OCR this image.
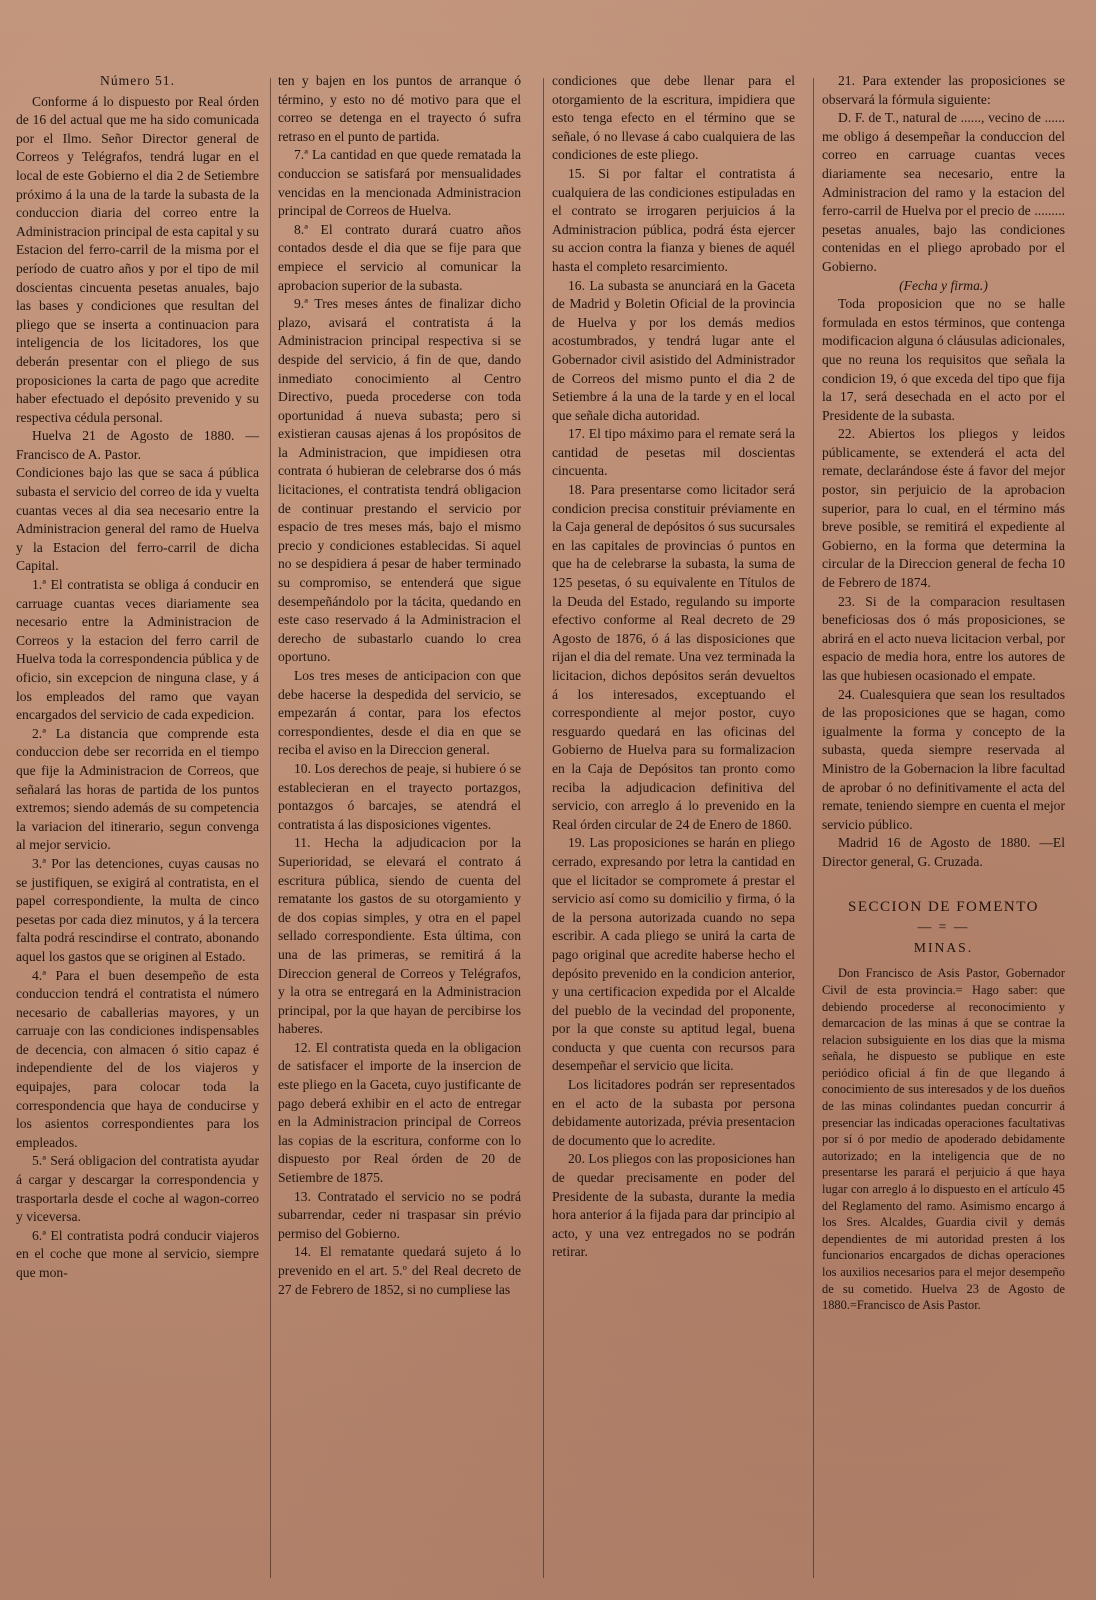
Número 51.

Conforme á lo dispuesto por Real órden de 16 del actual que me ha sido comunicada por el Ilmo. Señor Director general de Correos y Telégrafos, tendrá lugar en el local de este Gobierno el dia 2 de Setiembre próximo á la una de la tarde la subasta de la conduccion diaria del correo entre la Administracion principal de esta capital y su Estacion del ferro-carril de la misma por el período de cuatro años y por el tipo de mil doscientas cincuenta pesetas anuales, bajo las bases y condiciones que resultan del pliego que se inserta a continuacion para inteligencia de los licitadores, los que deberán presentar con el pliego de sus proposiciones la carta de pago que acredite haber efectuado el depósito prevenido y su respectiva cédula personal.

Huelva 21 de Agosto de 1880. —Francisco de A. Pastor.

Condiciones bajo las que se saca á pública subasta el servicio del correo de ida y vuelta cuantas veces al dia sea necesario entre la Administracion general del ramo de Huelva y la Estacion del ferro-carril de dicha Capital.

1.ª El contratista se obliga á conducir en carruage cuantas veces diariamente sea necesario entre la Administracion de Correos y la estacion del ferro carril de Huelva toda la correspondencia pública y de oficio, sin excepcion de ninguna clase, y á los empleados del ramo que vayan encargados del servicio de cada expedicion.

2.ª La distancia que comprende esta conduccion debe ser recorrida en el tiempo que fije la Administracion de Correos, que señalará las horas de partida de los puntos extremos; siendo además de su competencia la variacion del itinerario, segun convenga al mejor servicio.

3.ª Por las detenciones, cuyas causas no se justifiquen, se exigirá al contratista, en el papel correspondiente, la multa de cinco pesetas por cada diez minutos, y á la tercera falta podrá rescindirse el contrato, abonando aquel los gastos que se originen al Estado.

4.ª Para el buen desempeño de esta conduccion tendrá el contratista el número necesario de caballerias mayores, y un carruaje con las condiciones indispensables de decencia, con almacen ó sitio capaz é independiente del de los viajeros y equipajes, para colocar toda la correspondencia que haya de conducirse y los asientos correspondientes para los empleados.

5.ª Será obligacion del contratista ayudar á cargar y descargar la correspondencia y trasportarla desde el coche al wagon-correo y viceversa.

6.ª El contratista podrá conducir viajeros en el coche que mone al servicio, siempre que mon-

ten y bajen en los puntos de arranque ó término, y esto no dé motivo para que el correo se detenga en el trayecto ó sufra retraso en el punto de partida.

7.ª La cantidad en que quede rematada la conduccion se satisfará por mensualidades vencidas en la mencionada Administracion principal de Correos de Huelva.

8.ª El contrato durará cuatro años contados desde el dia que se fije para que empiece el servicio al comunicar la aprobacion superior de la subasta.

9.ª Tres meses ántes de finalizar dicho plazo, avisará el contratista á la Administracion principal respectiva si se despide del servicio, á fin de que, dando inmediato conocimiento al Centro Directivo, pueda procederse con toda oportunidad á nueva subasta; pero si existieran causas ajenas á los propósitos de la Administracion, que impidiesen otra contrata ó hubieran de celebrarse dos ó más licitaciones, el contratista tendrá obligacion de continuar prestando el servicio por espacio de tres meses más, bajo el mismo precio y condiciones establecidas. Si aquel no se despidiera á pesar de haber terminado su compromiso, se entenderá que sigue desempeñándolo por la tácita, quedando en este caso reservado á la Administracion el derecho de subastarlo cuando lo crea oportuno.

Los tres meses de anticipacion con que debe hacerse la despedida del servicio, se empezarán á contar, para los efectos correspondientes, desde el dia en que se reciba el aviso en la Direccion general.

10. Los derechos de peaje, si hubiere ó se establecieran en el trayecto portazgos, pontazgos ó barcajes, se atendrá el contratista á las disposiciones vigentes.

11. Hecha la adjudicacion por la Superioridad, se elevará el contrato á escritura pública, siendo de cuenta del rematante los gastos de su otorgamiento y de dos copias simples, y otra en el papel sellado correspondiente. Esta última, con una de las primeras, se remitirá á la Direccion general de Correos y Telégrafos, y la otra se entregará en la Administracion principal, por la que hayan de percibirse los haberes.

12. El contratista queda en la obligacion de satisfacer el importe de la insercion de este pliego en la Gaceta, cuyo justificante de pago deberá exhibir en el acto de entregar en la Administracion principal de Correos las copias de la escritura, conforme con lo dispuesto por Real órden de 20 de Setiembre de 1875.

13. Contratado el servicio no se podrá subarrendar, ceder ni traspasar sin prévio permiso del Gobierno.

14. El rematante quedará sujeto á lo prevenido en el art. 5.º del Real decreto de 27 de Febrero de 1852, si no cumpliese las

condiciones que debe llenar para el otorgamiento de la escritura, impidiera que esto tenga efecto en el término que se señale, ó no llevase á cabo cualquiera de las condiciones de este pliego.

15. Si por faltar el contratista á cualquiera de las condiciones estipuladas en el contrato se irrogaren perjuicios á la Administracion pública, podrá ésta ejercer su accion contra la fianza y bienes de aquél hasta el completo resarcimiento.

16. La subasta se anunciará en la Gaceta de Madrid y Boletin Oficial de la provincia de Huelva y por los demás medios acostumbrados, y tendrá lugar ante el Gobernador civil asistido del Administrador de Correos del mismo punto el dia 2 de Setiembre á la una de la tarde y en el local que señale dicha autoridad.

17. El tipo máximo para el remate será la cantidad de pesetas mil doscientas cincuenta.

18. Para presentarse como licitador será condicion precisa constituir préviamente en la Caja general de depósitos ó sus sucursales en las capitales de provincias ó puntos en que ha de celebrarse la subasta, la suma de 125 pesetas, ó su equivalente en Títulos de la Deuda del Estado, regulando su importe efectivo conforme al Real decreto de 29 Agosto de 1876, ó á las disposiciones que rijan el dia del remate. Una vez terminada la licitacion, dichos depósitos serán devueltos á los interesados, exceptuando el correspondiente al mejor postor, cuyo resguardo quedará en las oficinas del Gobierno de Huelva para su formalizacion en la Caja de Depósitos tan pronto como reciba la adjudicacion definitiva del servicio, con arreglo á lo prevenido en la Real órden circular de 24 de Enero de 1860.

19. Las proposiciones se harán en pliego cerrado, expresando por letra la cantidad en que el licitador se compromete á prestar el servicio así como su domicilio y firma, ó la de la persona autorizada cuando no sepa escribir. A cada pliego se unirá la carta de pago original que acredite haberse hecho el depósito prevenido en la condicion anterior, y una certificacion expedida por el Alcalde del pueblo de la vecindad del proponente, por la que conste su aptitud legal, buena conducta y que cuenta con recursos para desempeñar el servicio que licita.

Los licitadores podrán ser representados en el acto de la subasta por persona debidamente autorizada, prévia presentacion de documento que lo acredite.

20. Los pliegos con las proposiciones han de quedar precisamente en poder del Presidente de la subasta, durante la media hora anterior á la fijada para dar principio al acto, y una vez entregados no se podrán retirar.

21. Para extender las proposiciones se observará la fórmula siguiente:

D. F. de T., natural de ......, vecino de ...... me obligo á desempeñar la conduccion del correo en carruage cuantas veces diariamente sea necesario, entre la Administracion del ramo y la estacion del ferro-carril de Huelva por el precio de ......... pesetas anuales, bajo las condiciones contenidas en el pliego aprobado por el Gobierno.

(Fecha y firma.)

Toda proposicion que no se halle formulada en estos términos, que contenga modificacion alguna ó cláusulas adicionales, que no reuna los requisitos que señala la condicion 19, ó que exceda del tipo que fija la 17, será desechada en el acto por el Presidente de la subasta.

22. Abiertos los pliegos y leidos públicamente, se extenderá el acta del remate, declarándose éste á favor del mejor postor, sin perjuicio de la aprobacion superior, para lo cual, en el término más breve posible, se remitirá el expediente al Gobierno, en la forma que determina la circular de la Direccion general de fecha 10 de Febrero de 1874.

23. Si de la comparacion resultasen beneficiosas dos ó más proposiciones, se abrirá en el acto nueva licitacion verbal, por espacio de media hora, entre los autores de las que hubiesen ocasionado el empate.

24. Cualesquiera que sean los resultados de las proposiciones que se hagan, como igualmente la forma y concepto de la subasta, queda siempre reservada al Ministro de la Gobernacion la libre facultad de aprobar ó no definitivamente el acta del remate, teniendo siempre en cuenta el mejor servicio público.

Madrid 16 de Agosto de 1880. —El Director general, G. Cruzada.

SECCION DE FOMENTO

— = —

MINAS.

Don Francisco de Asis Pastor, Gobernador Civil de esta provincia.= Hago saber: que debiendo procederse al reconocimiento y demarcacion de las minas á que se contrae la relacion subsiguiente en los dias que la misma señala, he dispuesto se publique en este periódico oficial á fin de que llegando á conocimiento de sus interesados y de los dueños de las minas colindantes puedan concurrir á presenciar las indicadas operaciones facultativas por sí ó por medio de apoderado debidamente autorizado; en la inteligencia que de no presentarse les parará el perjuicio á que haya lugar con arreglo á lo dispuesto en el artículo 45 del Reglamento del ramo. Asimismo encargo á los Sres. Alcaldes, Guardia civil y demás dependientes de mi autoridad presten á los funcionarios encargados de dichas operaciones los auxilios necesarios para el mejor desempeño de su cometido. Huelva 23 de Agosto de 1880.=Francisco de Asis Pastor.
